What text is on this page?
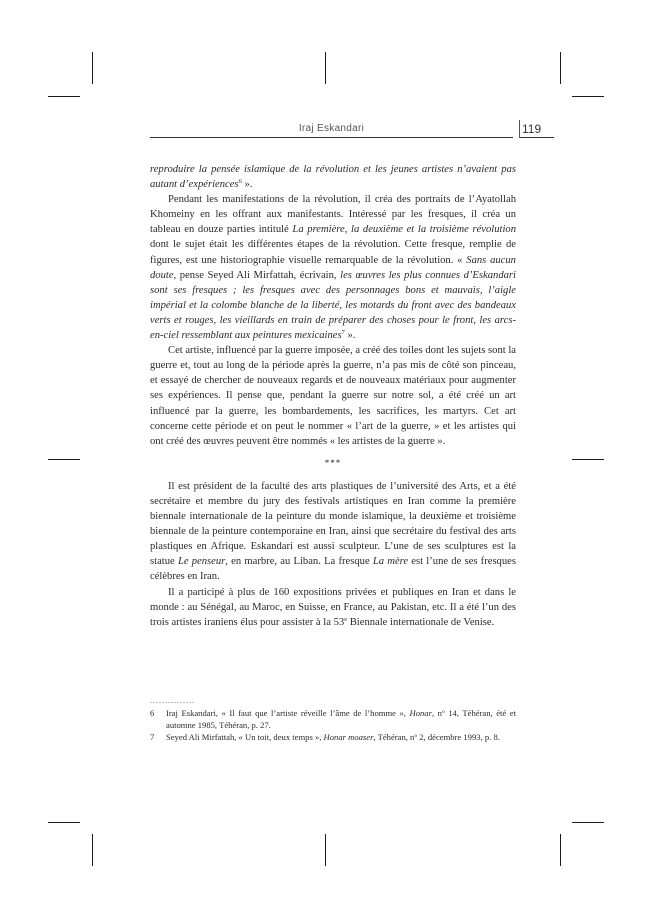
Iraj Eskandari	119

reproduire la pensée islamique de la révolution et les jeunes artistes n’avaient pas autant d’expériences$^6$ ».

Pendant les manifestations de la révolution, il créa des portraits de l’Ayatollah Khomeiny en les offrant aux manifestants. Intéressé par les fresques, il créa un tableau en douze parties intitulé La première, la deuxième et la troisième révolution dont le sujet était les différentes étapes de la révolution. Cette fresque, remplie de figures, est une historiographie visuelle remarquable de la révolution. « Sans aucun doute, pense Seyed Ali Mirfattah, écrivain, les œuvres les plus connues d’Eskandari sont ses fresques ; les fresques avec des personnages bons et mauvais, l’aigle impérial et la colombe blanche de la liberté, les motards du front avec des bandeaux verts et rouges, les vieillards en train de préparer des choses pour le front, les arcs-en-ciel ressemblant aux peintures mexicaines$^7$ ».

Cet artiste, influencé par la guerre imposée, a créé des toiles dont les sujets sont la guerre et, tout au long de la période après la guerre, n’a pas mis de côté son pinceau, et essayé de chercher de nouveaux regards et de nouveaux matériaux pour augmenter ses expériences. Il pense que, pendant la guerre sur notre sol, a été créé un art influencé par la guerre, les bombardements, les sacrifices, les martyrs. Cet art concerne cette période et on peut le nommer « l’art de la guerre, » et les artistes qui ont créé des œuvres peuvent être nommés « les artistes de la guerre ».

***

Il est président de la faculté des arts plastiques de l’université des Arts, et a été secrétaire et membre du jury des festivals artistiques en Iran comme la première biennale internationale de la peinture du monde islamique, la deuxième et troisième biennale de la peinture contemporaine en Iran, ainsi que secrétaire du festival des arts plastiques en Afrique. Eskandari est aussi sculpteur. L’une de ses sculptures est la statue Le penseur, en marbre, au Liban. La fresque La mère est l’une de ses fresques célèbres en Iran.

Il a participé à plus de 160 expositions privées et publiques en Iran et dans le monde : au Sénégal, au Maroc, en Suisse, en France, au Pakistan, etc. Il a été l’un des trois artistes iraniens élus pour assister à la 53e Biennale internationale de Venise.

...............
6 Iraj Eskandari, « Il faut que l’artiste réveille l’âme de l’homme », Honar, $n^o$ 14, Téhéran, été et automne 1985, Téhéran, p. 27.
7 Seyed Ali Mirfattah, « Un toit, deux temps », Honar moaser, Téhéran, $n^o$ 2, décembre 1993, p. 8.
